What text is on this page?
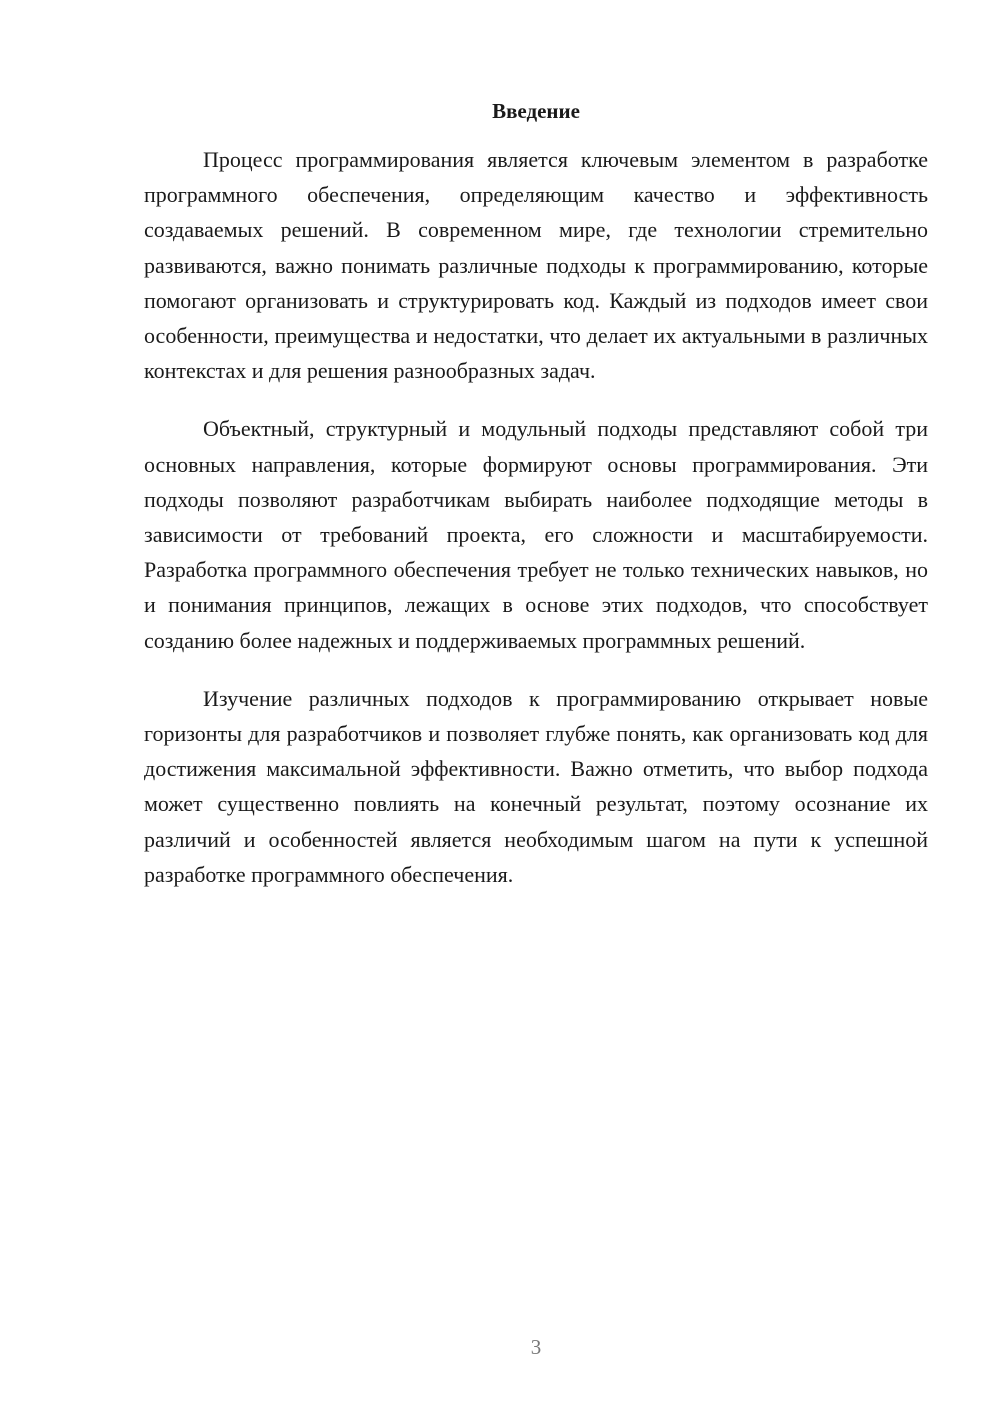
Введение

Процесс программирования является ключевым элементом в разработке программного обеспечения, определяющим качество и эффективность создаваемых решений. В современном мире, где технологии стремительно развиваются, важно понимать различные подходы к программированию, которые помогают организовать и структурировать код. Каждый из подходов имеет свои особенности, преимущества и недостатки, что делает их актуальными в различных контекстах и для решения разнообразных задач.

Объектный, структурный и модульный подходы представляют собой три основных направления, которые формируют основы программирования. Эти подходы позволяют разработчикам выбирать наиболее подходящие методы в зависимости от требований проекта, его сложности и масштабируемости. Разработка программного обеспечения требует не только технических навыков, но и понимания принципов, лежащих в основе этих подходов, что способствует созданию более надежных и поддерживаемых программных решений.

Изучение различных подходов к программированию открывает новые горизонты для разработчиков и позволяет глубже понять, как организовать код для достижения максимальной эффективности. Важно отметить, что выбор подхода может существенно повлиять на конечный результат, поэтому осознание их различий и особенностей является необходимым шагом на пути к успешной разработке программного обеспечения.

3
